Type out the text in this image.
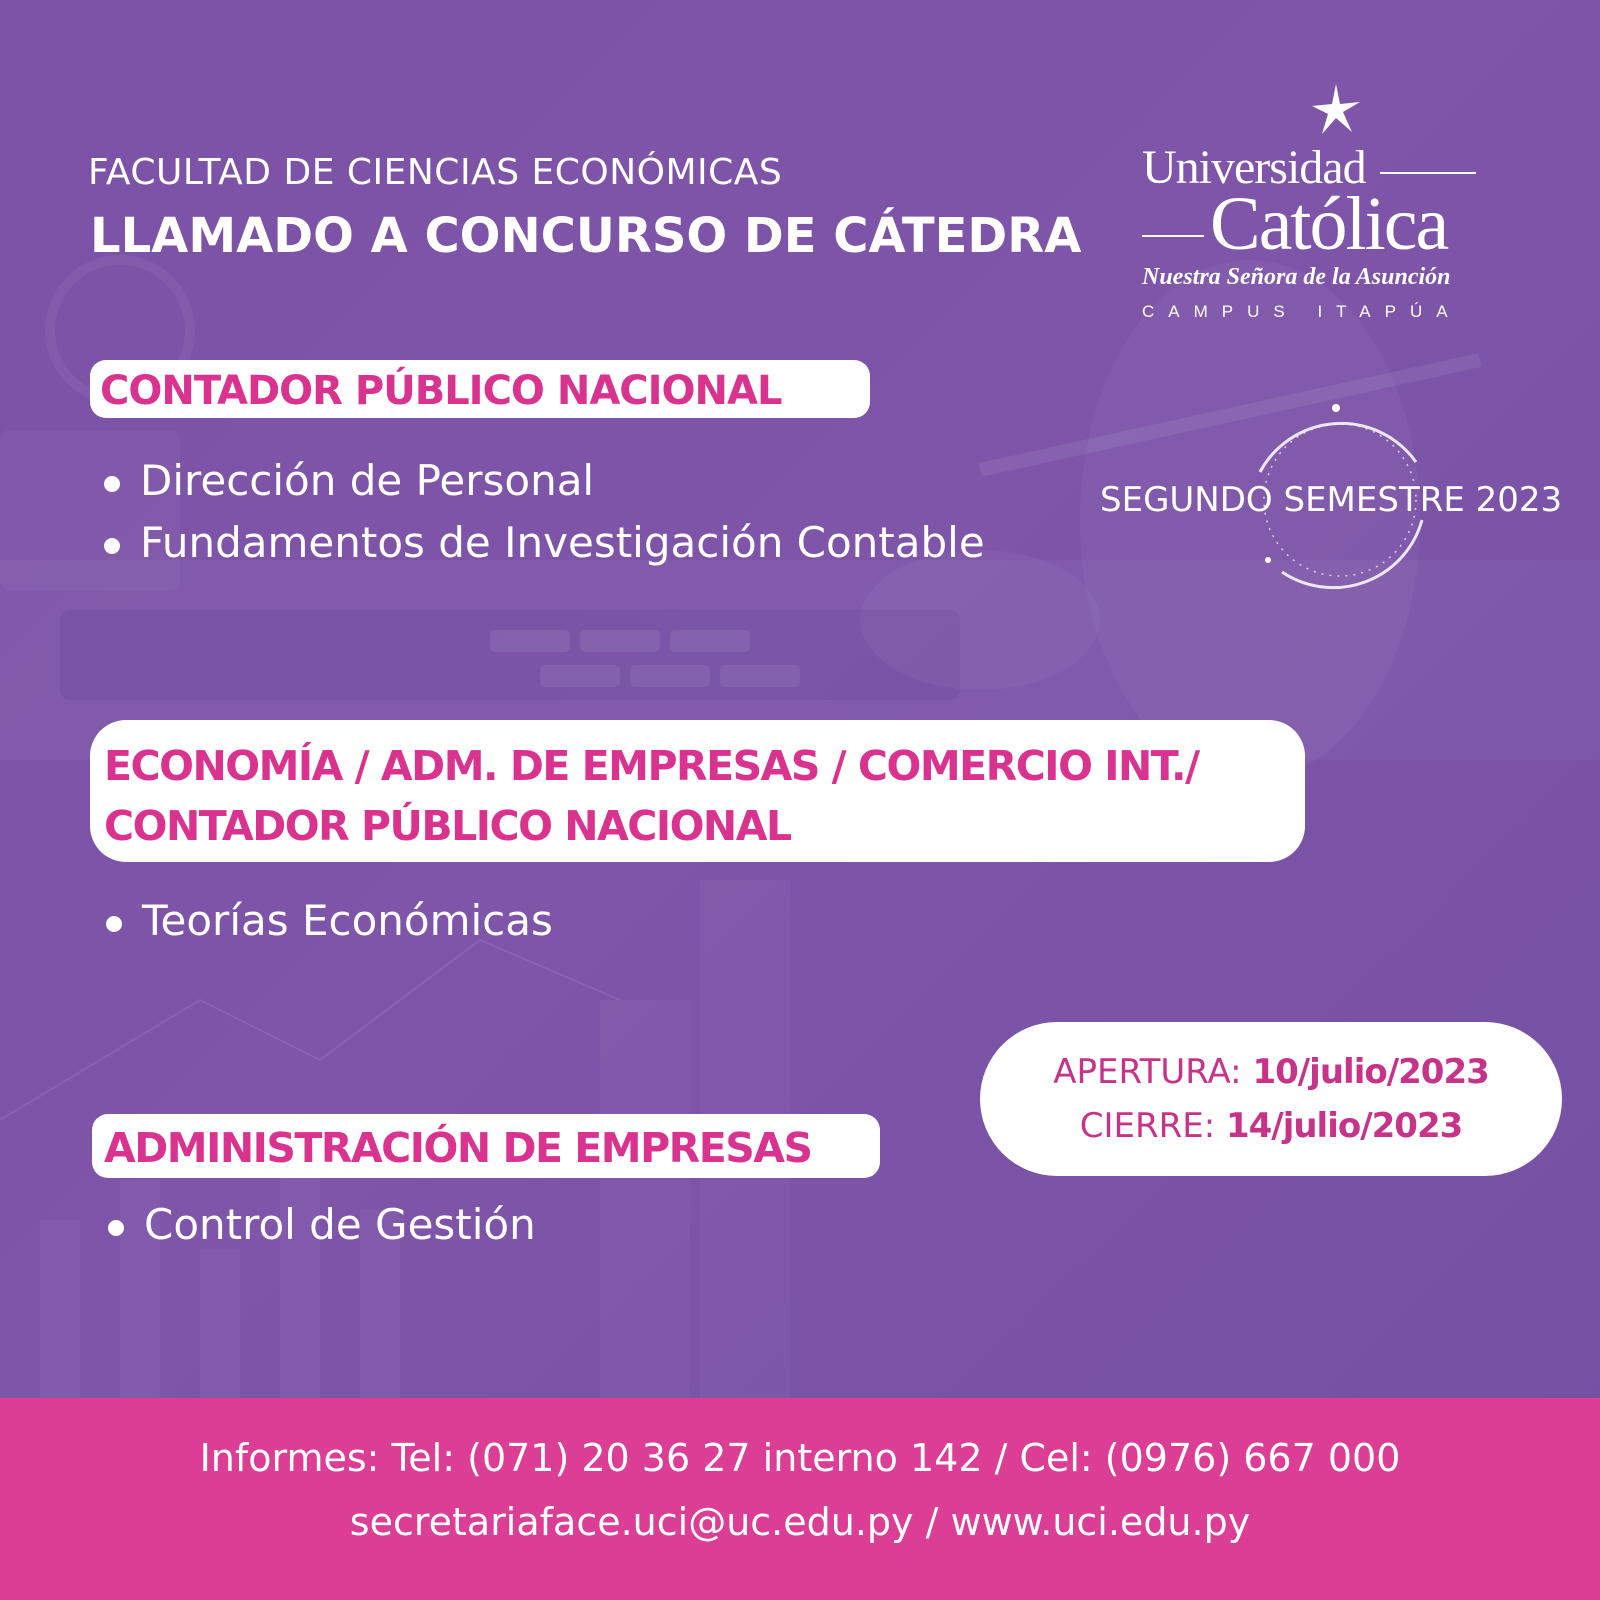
FACULTAD DE CIENCIAS ECONÓMICAS
LLAMADO A CONCURSO DE CÁTEDRA
Universidad
Católica
Nuestra Señora de la Asunción
CAMPUS ITAPÚA
SEGUNDO SEMESTRE 2023
CONTADOR PÚBLICO NACIONAL
Dirección de Personal
Fundamentos de Investigación Contable
ECONOMÍA / ADM. DE EMPRESAS / COMERCIO INT./
CONTADOR PÚBLICO NACIONAL
Teorías Económicas
ADMINISTRACIÓN DE EMPRESAS
Control de Gestión
APERTURA: 10/julio/2023
CIERRE: 14/julio/2023
Informes: Tel: (071) 20 36 27 interno 142 / Cel: (0976) 667 000
secretariaface.uci@uc.edu.py / www.uci.edu.py
